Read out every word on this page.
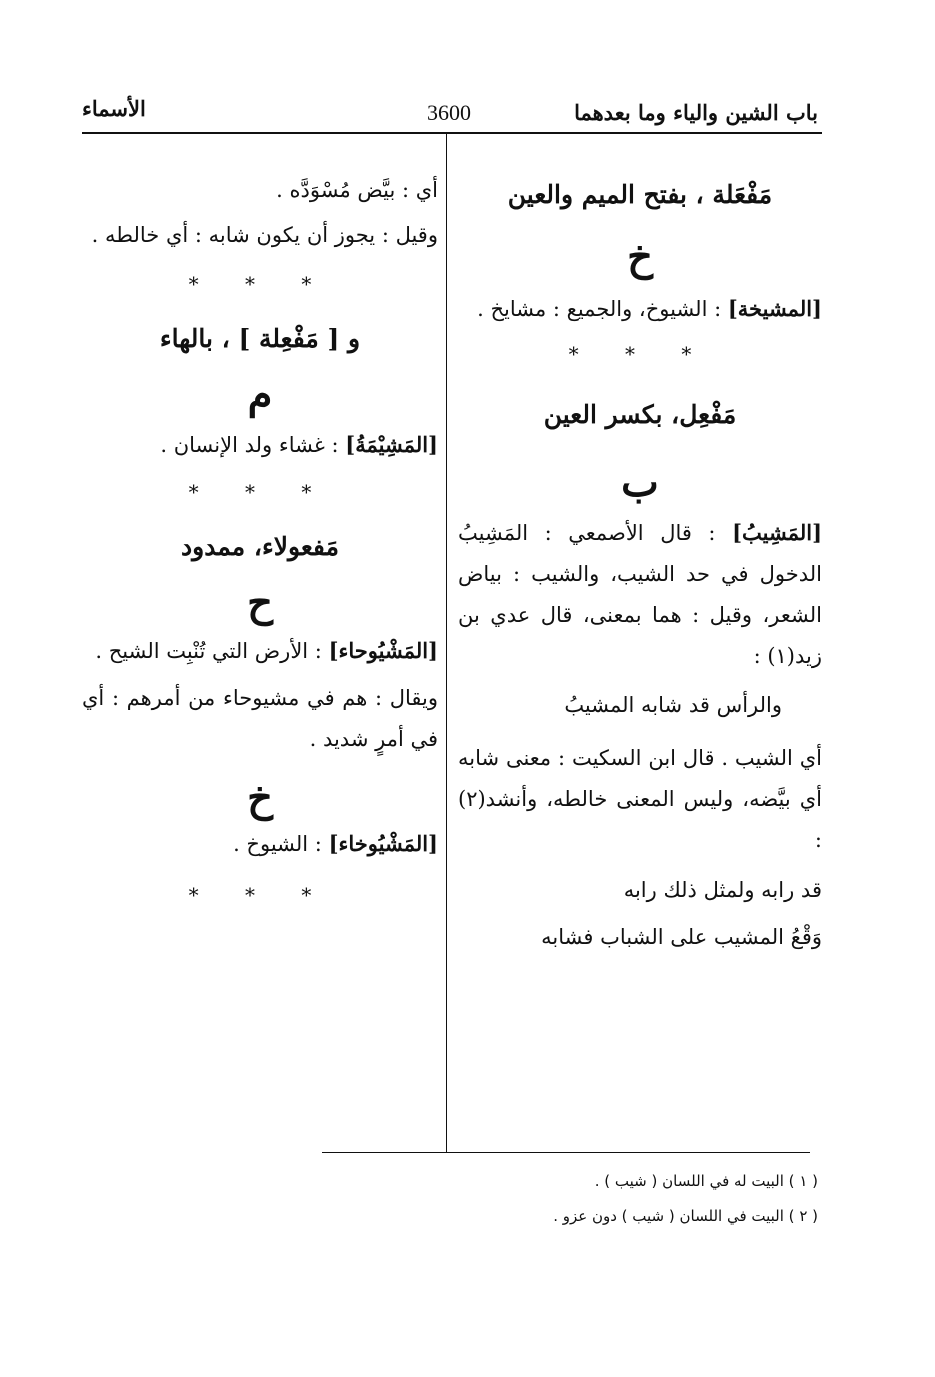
باب الشين والياء وما بعدهما
3600
الأسماء

مَفْعَلة ، بفتح الميم والعين

خ

[المشيخة] : الشيوخ، والجميع : مشايخ .

* * *

مَفْعِل، بكسر العين

ب

[المَشِيبُ] : قال الأصمعي : المَشِيبُ الدخول في حد الشيب، والشيب : بياض الشعر، وقيل : هما بمعنى، قال عدي بن زيد(١) :

والرأس قد شابه المشيبُ

أي الشيب . قال ابن السكيت : معنى شابه أي بيَّضه، وليس المعنى خالطه، وأنشد(٢) :

قد رابه ولمثل ذلك رابه

وَقْعُ المشيب على الشباب فشابه

أي : بيَّض مُسْوَدَّه .

وقيل : يجوز أن يكون شابه : أي خالطه .

* * *

و [ مَفْعِلة ] ، بالهاء

م

[المَشِيْمَةُ] : غشاء ولد الإنسان .

* * *

مَفعولاء، ممدود

ح

[المَشْيُوحاء] : الأرض التي تُنْبِت الشيح .

ويقال : هم في مشيوحاء من أمرهم : أي في أمرٍ شديد .

خ

[المَشْيُوخاء] : الشيوخ .

* * *

( ١ ) البيت له في اللسان ( شيب ) .
( ٢ ) البيت في اللسان ( شيب ) دون عزو .
